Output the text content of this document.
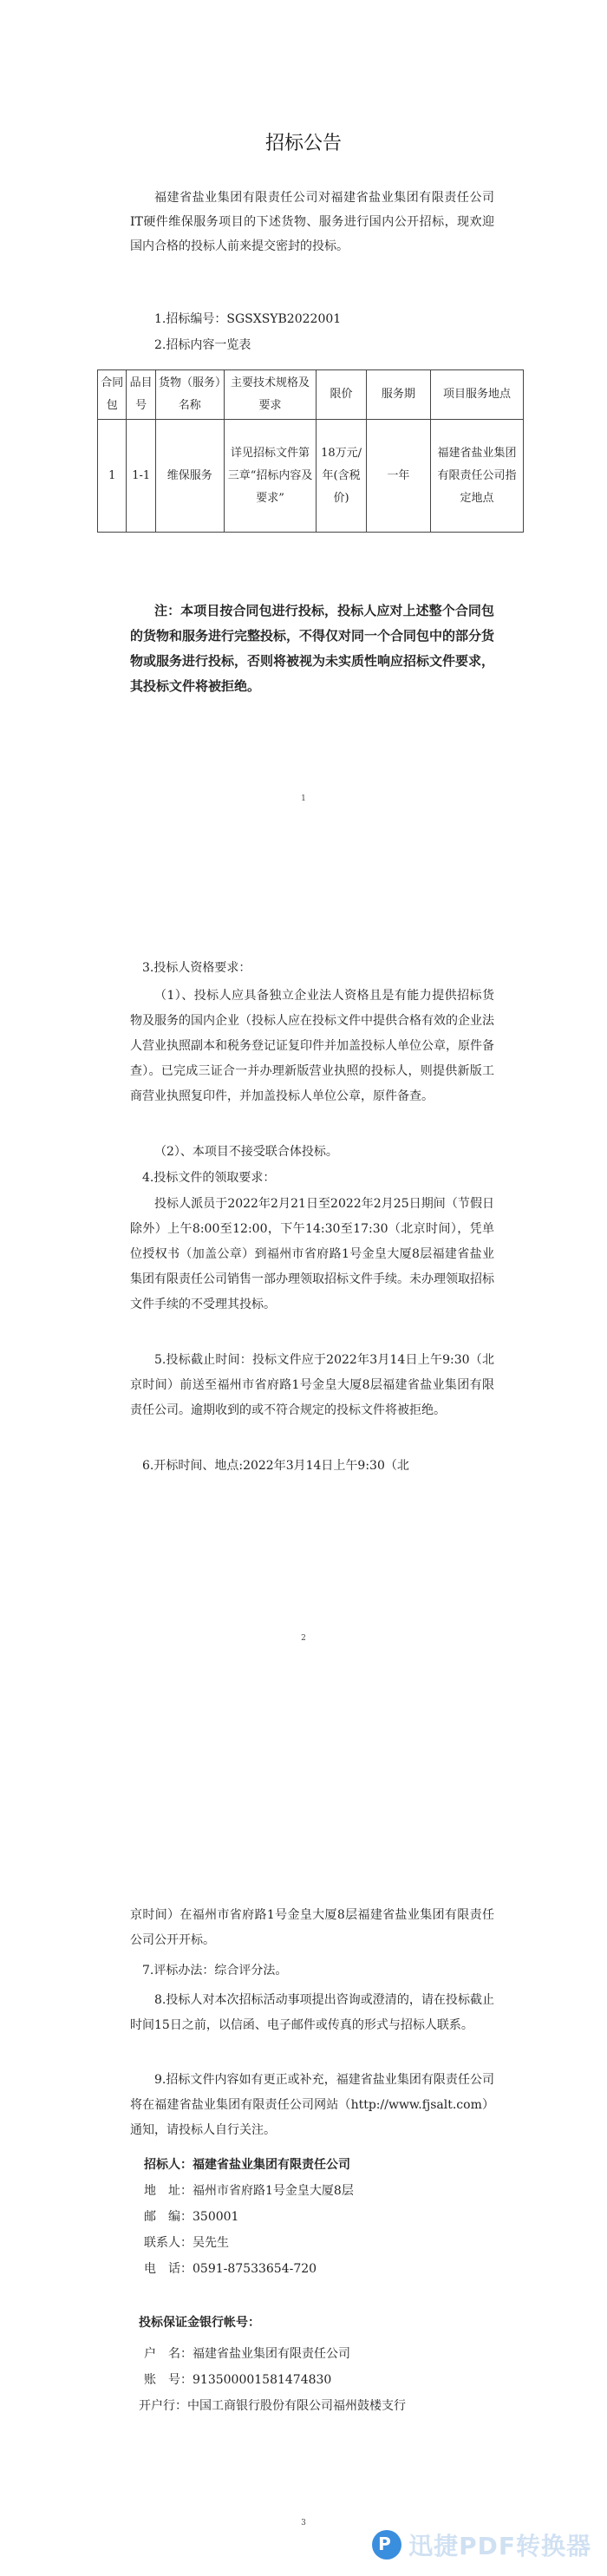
招标公告

福建省盐业集团有限责任公司对福建省盐业集团有限责任公司IT硬件维保服务项目的下述货物、服务进行国内公开招标，现欢迎国内合格的投标人前来提交密封的投标。

1.招标编号：SGSXSYB2022001

2.招标内容一览表

合同包	品目号	货物（服务）名称	主要技术规格及要求	限价	服务期	项目服务地点
1	1-1	维保服务	详见招标文件第三章“招标内容及要求”	18万元/年(含税价)	一年	福建省盐业集团有限责任公司指定地点

注：本项目按合同包进行投标，投标人应对上述整个合同包的货物和服务进行完整投标，不得仅对同一个合同包中的部分货物或服务进行投标，否则将被视为未实质性响应招标文件要求，其投标文件将被拒绝。

1

3.投标人资格要求：

（1）、投标人应具备独立企业法人资格且是有能力提供招标货物及服务的国内企业（投标人应在投标文件中提供合格有效的企业法人营业执照副本和税务登记证复印件并加盖投标人单位公章，原件备查）。已完成三证合一并办理新版营业执照的投标人，则提供新版工商营业执照复印件，并加盖投标人单位公章，原件备查。

（2）、本项目不接受联合体投标。

4.投标文件的领取要求：

投标人派员于2022年2月21日至2022年2月25日期间（节假日除外）上午8:00至12:00，下午14:30至17:30（北京时间），凭单位授权书（加盖公章）到福州市省府路1号金皇大厦8层福建省盐业集团有限责任公司销售一部办理领取招标文件手续。未办理领取招标文件手续的不受理其投标。

5.投标截止时间：投标文件应于2022年3月14日上午9:30（北京时间）前送至福州市省府路1号金皇大厦8层福建省盐业集团有限责任公司。逾期收到的或不符合规定的投标文件将被拒绝。

6.开标时间、地点:2022年3月14日上午9:30（北

2

京时间）在福州市省府路1号金皇大厦8层福建省盐业集团有限责任公司公开开标。

7.评标办法：综合评分法。

8.投标人对本次招标活动事项提出咨询或澄清的，请在投标截止时间15日之前，以信函、电子邮件或传真的形式与招标人联系。

9.招标文件内容如有更正或补充，福建省盐业集团有限责任公司将在福建省盐业集团有限责任公司网站（http://www.fjsalt.com）通知，请投标人自行关注。

招标人：福建省盐业集团有限责任公司

地　址：福州市省府路1号金皇大厦8层

邮　编：350001

联系人：吴先生

电　话：0591-87533654-720

投标保证金银行帐号：

户　名：福建省盐业集团有限责任公司

账　号：913500001581474830

开户行：中国工商银行股份有限公司福州鼓楼支行

3
P 迅捷PDF转换器
